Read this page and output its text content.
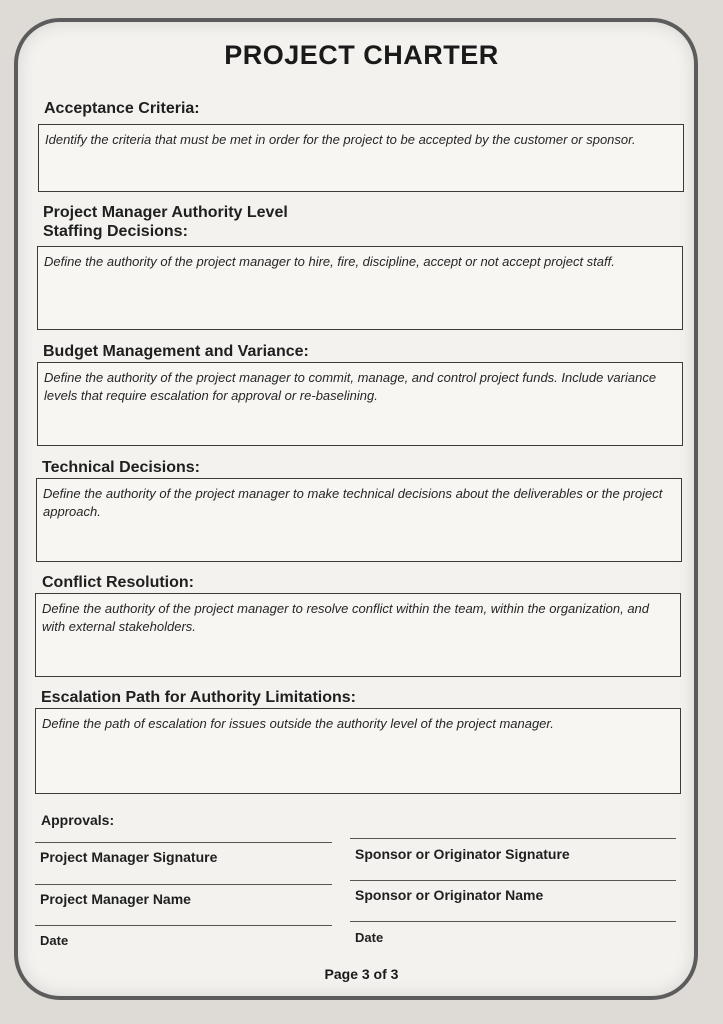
PROJECT CHARTER
Acceptance Criteria:
Identify the criteria that must be met in order for the project to be accepted by the customer or sponsor.
Project Manager Authority Level
Staffing Decisions:
Define the authority of the project manager to hire, fire, discipline, accept or not accept project staff.
Budget Management and Variance:
Define the authority of the project manager to commit, manage, and control project funds. Include variance levels that require escalation for approval or re-baselining.
Technical Decisions:
Define the authority of the project manager to make technical decisions about the deliverables or the project approach.
Conflict Resolution:
Define the authority of the project manager to resolve conflict within the team, within the organization, and with external stakeholders.
Escalation Path for Authority Limitations:
Define the path of escalation for issues outside the authority level of the project manager.
Approvals:
Project Manager Signature	Sponsor or Originator Signature
Project Manager Name	Sponsor or Originator Name
Date	Date
Page 3 of 3
